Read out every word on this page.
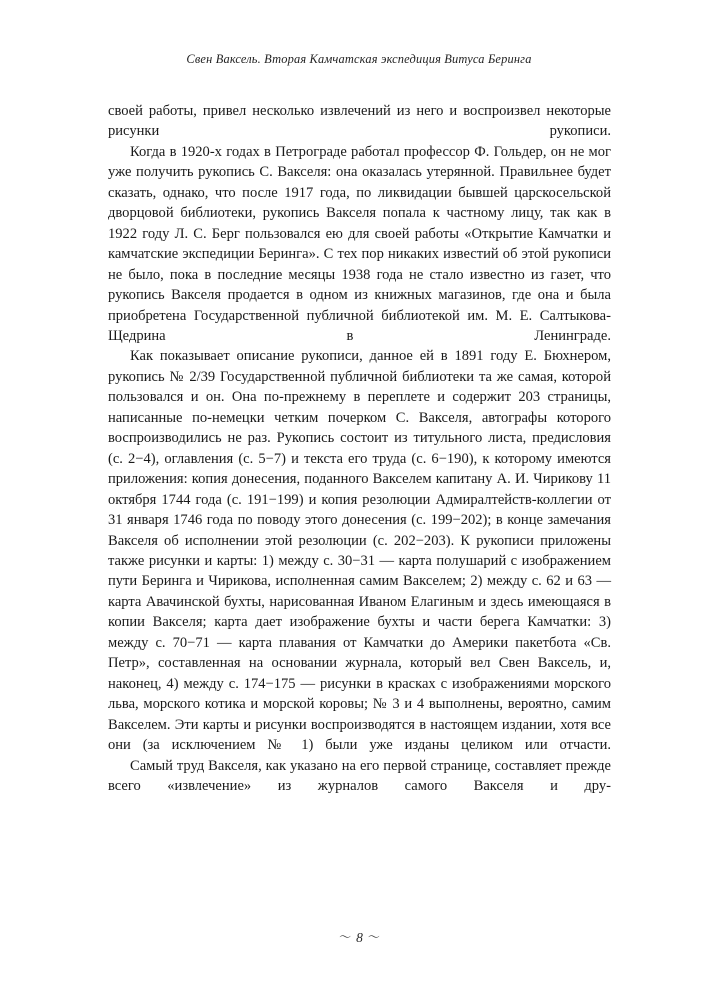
Свен Ваксель. Вторая Камчатская экспедиция Витуса Беринга

своей работы, привел несколько извлечений из него и воспроизвел некоторые рисунки рукописи.

Когда в 1920-х годах в Петрограде работал профессор Ф. Гольдер, он не мог уже получить рукопись С. Вакселя: она оказалась утерянной. Правильнее будет сказать, однако, что после 1917 года, по ликвидации бывшей царскосельской дворцовой библиотеки, рукопись Вакселя попала к частному лицу, так как в 1922 году Л. С. Берг пользовался ею для своей работы «Открытие Камчатки и камчатские экспедиции Беринга». С тех пор никаких известий об этой рукописи не было, пока в последние месяцы 1938 года не стало известно из газет, что рукопись Вакселя продается в одном из книжных магазинов, где она и была приобретена Государственной публичной библиотекой им. М. Е. Салтыкова-Щедрина в Ленинграде.

Как показывает описание рукописи, данное ей в 1891 году Е. Бюхнером, рукопись № 2/39 Государственной публичной библиотеки та же самая, которой пользовался и он. Она по-прежнему в переплете и содержит 203 страницы, написанные по-немецки четким почерком С. Вакселя, автографы которого воспроизводились не раз. Рукопись состоит из титульного листа, предисловия (с. 2−4), оглавления (с. 5−7) и текста его труда (с. 6−190), к которому имеются приложения: копия донесения, поданного Вакселем капитану А. И. Чирикову 11 октября 1744 года (с. 191−199) и копия резолюции Адмиралтейств-коллегии от 31 января 1746 года по поводу этого донесения (с. 199−202); в конце замечания Вакселя об исполнении этой резолюции (с. 202−203). К рукописи приложены также рисунки и карты: 1) между с. 30−31 — карта полушарий с изображением пути Беринга и Чирикова, исполненная самим Вакселем; 2) между с. 62 и 63 — карта Авачинской бухты, нарисованная Иваном Елагиным и здесь имеющаяся в копии Вакселя; карта дает изображение бухты и части берега Камчатки: 3) между с. 70−71 — карта плавания от Камчатки до Америки пакетбота «Св. Петр», составленная на основании журнала, который вел Свен Ваксель, и, наконец, 4) между с. 174−175 — рисунки в красках с изображениями морского льва, морского котика и морской коровы; № 3 и 4 выполнены, вероятно, самим Вакселем. Эти карты и рисунки воспроизводятся в настоящем издании, хотя все они (за исключением № 1) были уже изданы целиком или отчасти.

Самый труд Вакселя, как указано на его первой странице, составляет прежде всего «извлечение» из журналов самого Вакселя и дру-

〜 8 〜
